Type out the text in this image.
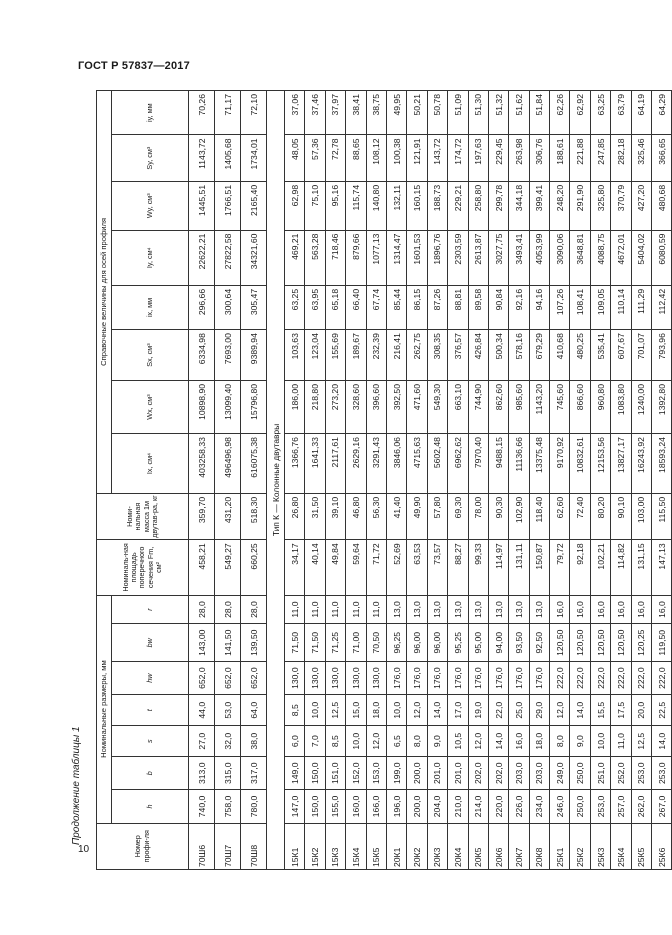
ГОСТ Р 57837—2017
10
Продолжение таблицы 1
Номер профи-ля	Номинальные размеры, мм							Номиналь-ная площадь поперечного сечения Fm, см²	Номи-нальная масса 1м двутав-ра, кг	Справочные величины для осей профиля							
	h	b	s	t	hw	bw	r			Ix, см⁴	Wx, см³	Sx, см³	ix, мм	Iy, см⁴	Wy, см³	Sy, см³	iy, мм
70Ш6	740,0	313,0	27,0	44,0	652,0	143,00	28,0	458,21	359,70	403258,33	10898,90	6334,98	296,66	22622,21	1445,51	1143,72	70,26
70Ш7	758,0	315,0	32,0	53,0	652,0	141,50	28,0	549,27	431,20	496496,98	13099,40	7693,00	300,64	27822,58	1766,51	1405,68	71,17
70Ш8	780,0	317,0	38,0	64,0	652,0	139,50	28,0	660,25	518,30	616075,38	15796,80	9389,94	305,47	34321,60	2165,40	1734,01	72,10
Тип К — Колонные двутавры																	
15К1	147,0	149,0	6,0	8,5	130,0	71,50	11,0	34,17	26,80	1366,76	186,00	103,63	63,25	469,21	62,98	48,05	37,06
15К2	150,0	150,0	7,0	10,0	130,0	71,50	11,0	40,14	31,50	1641,33	218,80	123,04	63,95	563,28	75,10	57,36	37,46
15К3	155,0	151,0	8,5	12,5	130,0	71,25	11,0	49,84	39,10	2117,61	273,20	155,69	65,18	718,46	95,16	72,78	37,97
15К4	160,0	152,0	10,0	15,0	130,0	71,00	11,0	59,64	46,80	2629,16	328,60	189,67	66,40	879,66	115,74	88,65	38,41
15К5	166,0	153,0	12,0	18,0	130,0	70,50	11,0	71,72	56,30	3291,43	396,60	232,39	67,74	1077,13	140,80	108,12	38,75
20К1	196,0	199,0	6,5	10,0	176,0	96,25	13,0	52,69	41,40	3846,06	392,50	216,41	85,44	1314,47	132,11	100,38	49,95
20К2	200,0	200,0	8,0	12,0	176,0	96,00	13,0	63,53	49,90	4715,63	471,60	262,75	86,15	1601,53	160,15	121,91	50,21
20К3	204,0	201,0	9,0	14,0	176,0	96,00	13,0	73,57	57,80	5602,48	549,30	308,35	87,26	1896,76	188,73	143,72	50,78
20К4	210,0	201,0	10,5	17,0	176,0	95,25	13,0	88,27	69,30	6962,62	663,10	376,57	88,81	2303,59	229,21	174,72	51,09
20К5	214,0	202,0	12,0	19,0	176,0	95,00	13,0	99,33	78,00	7970,40	744,90	426,84	89,58	2613,87	258,80	197,63	51,30
20К6	220,0	202,0	14,0	22,0	176,0	94,00	13,0	114,97	90,30	9488,15	862,60	500,34	90,84	3027,75	299,78	229,45	51,32
20К7	226,0	203,0	16,0	25,0	176,0	93,50	13,0	131,11	102,90	11136,66	985,60	578,16	92,16	3493,41	344,18	263,98	51,62
20К8	234,0	203,0	18,0	29,0	176,0	92,50	13,0	150,87	118,40	13375,48	1143,20	679,29	94,16	4053,99	399,41	306,76	51,84
25К1	246,0	249,0	8,0	12,0	222,0	120,50	16,0	79,72	62,60	9170,92	745,60	410,68	107,26	3090,06	248,20	188,61	62,26
25К2	250,0	250,0	9,0	14,0	222,0	120,50	16,0	92,18	72,40	10832,61	866,60	480,25	108,41	3648,81	291,90	221,88	62,92
25К3	253,0	251,0	10,0	15,5	222,0	120,50	16,0	102,21	80,20	12153,56	960,80	535,41	109,05	4088,75	325,80	247,85	63,25
25К4	257,0	252,0	11,0	17,5	222,0	120,50	16,0	114,82	90,10	13827,17	1083,80	607,67	110,14	4672,01	370,79	282,18	63,79
25К5	262,0	253,0	12,5	20,0	222,0	120,25	16,0	131,15	103,00	16243,92	1240,00	701,07	111,29	5404,02	427,20	325,46	64,19
25К6	267,0	253,0	14,0	22,5	222,0	119,50	16,0	147,13	115,50	18593,24	1392,80	793,96	112,42	6080,59	480,68	366,65	64,29
